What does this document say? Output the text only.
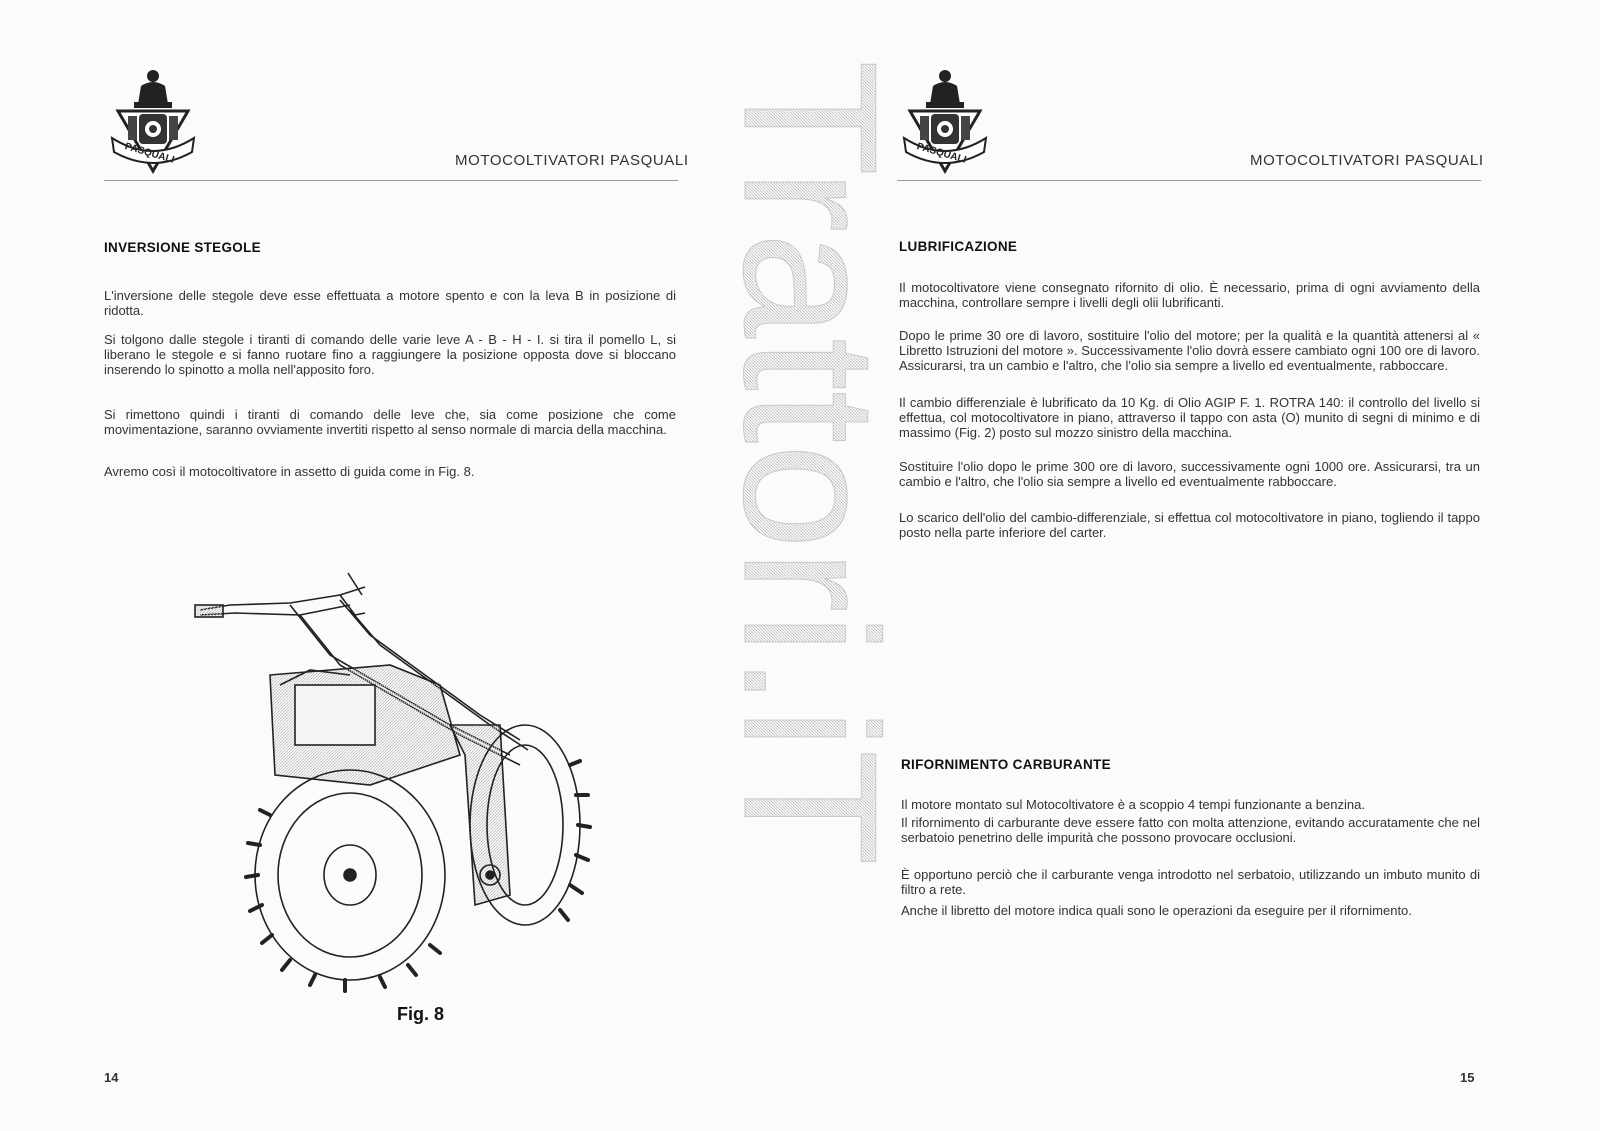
PASQUALI	MOTOCOLTIVATORI PASQUALI
INVERSIONE STEGOLE

L'inversione delle stegole deve esse effettuata a motore spento e con la leva B in posizione di ridotta.

Si tolgono dalle stegole i tiranti di comando delle varie leve A - B - H - I. si tira il pomello L, si liberano le stegole e si fanno ruotare fino a raggiungere la posizione opposta dove si bloccano inserendo lo spinotto a molla nell'apposito foro.

Si rimettono quindi i tiranti di comando delle leve che, sia come posizione che come movimentazione, saranno ovviamente invertiti rispetto al senso normale di marcia della macchina.

Avremo così il motocoltivatore in assetto di guida come in Fig. 8.

Fig. 8
14
Trattori.iT PASQUALI	MOTOCOLTIVATORI PASQUALI
LUBRIFICAZIONE

Il motocoltivatore viene consegnato rifornito di olio. È necessario, prima di ogni avviamento della macchina, controllare sempre i livelli degli olii lubrificanti.

Dopo le prime 30 ore di lavoro, sostituire l'olio del motore; per la qualità e la quantità attenersi al « Libretto Istruzioni del motore ». Successivamente l'olio dovrà essere cambiato ogni 100 ore di lavoro. Assicurarsi, tra un cambio e l'altro, che l'olio sia sempre a livello ed eventualmente, rabboccare.

Il cambio differenziale è lubrificato da 10 Kg. di Olio AGIP F. 1. ROTRA 140: il controllo del livello si effettua, col motocoltivatore in piano, attraverso il tappo con asta (O) munito di segni di minimo e di massimo (Fig. 2) posto sul mozzo sinistro della macchina.

Sostituire l'olio dopo le prime 300 ore di lavoro, successivamente ogni 1000 ore. Assicurarsi, tra un cambio e l'altro, che l'olio sia sempre a livello ed eventualmente rabboccare.

Lo scarico dell'olio del cambio-differenziale, si effettua col motocoltivatore in piano, togliendo il tappo posto nella parte inferiore del carter.

RIFORNIMENTO CARBURANTE

Il motore montato sul Motocoltivatore è a scoppio 4 tempi funzionante a benzina.

Il rifornimento di carburante deve essere fatto con molta attenzione, evitando accuratamente che nel serbatoio penetrino delle impurità che possono provocare occlusioni.

È opportuno perciò che il carburante venga introdotto nel serbatoio, utilizzando un imbuto munito di filtro a rete.

Anche il libretto del motore indica quali sono le operazioni da eseguire per il rifornimento.

15
